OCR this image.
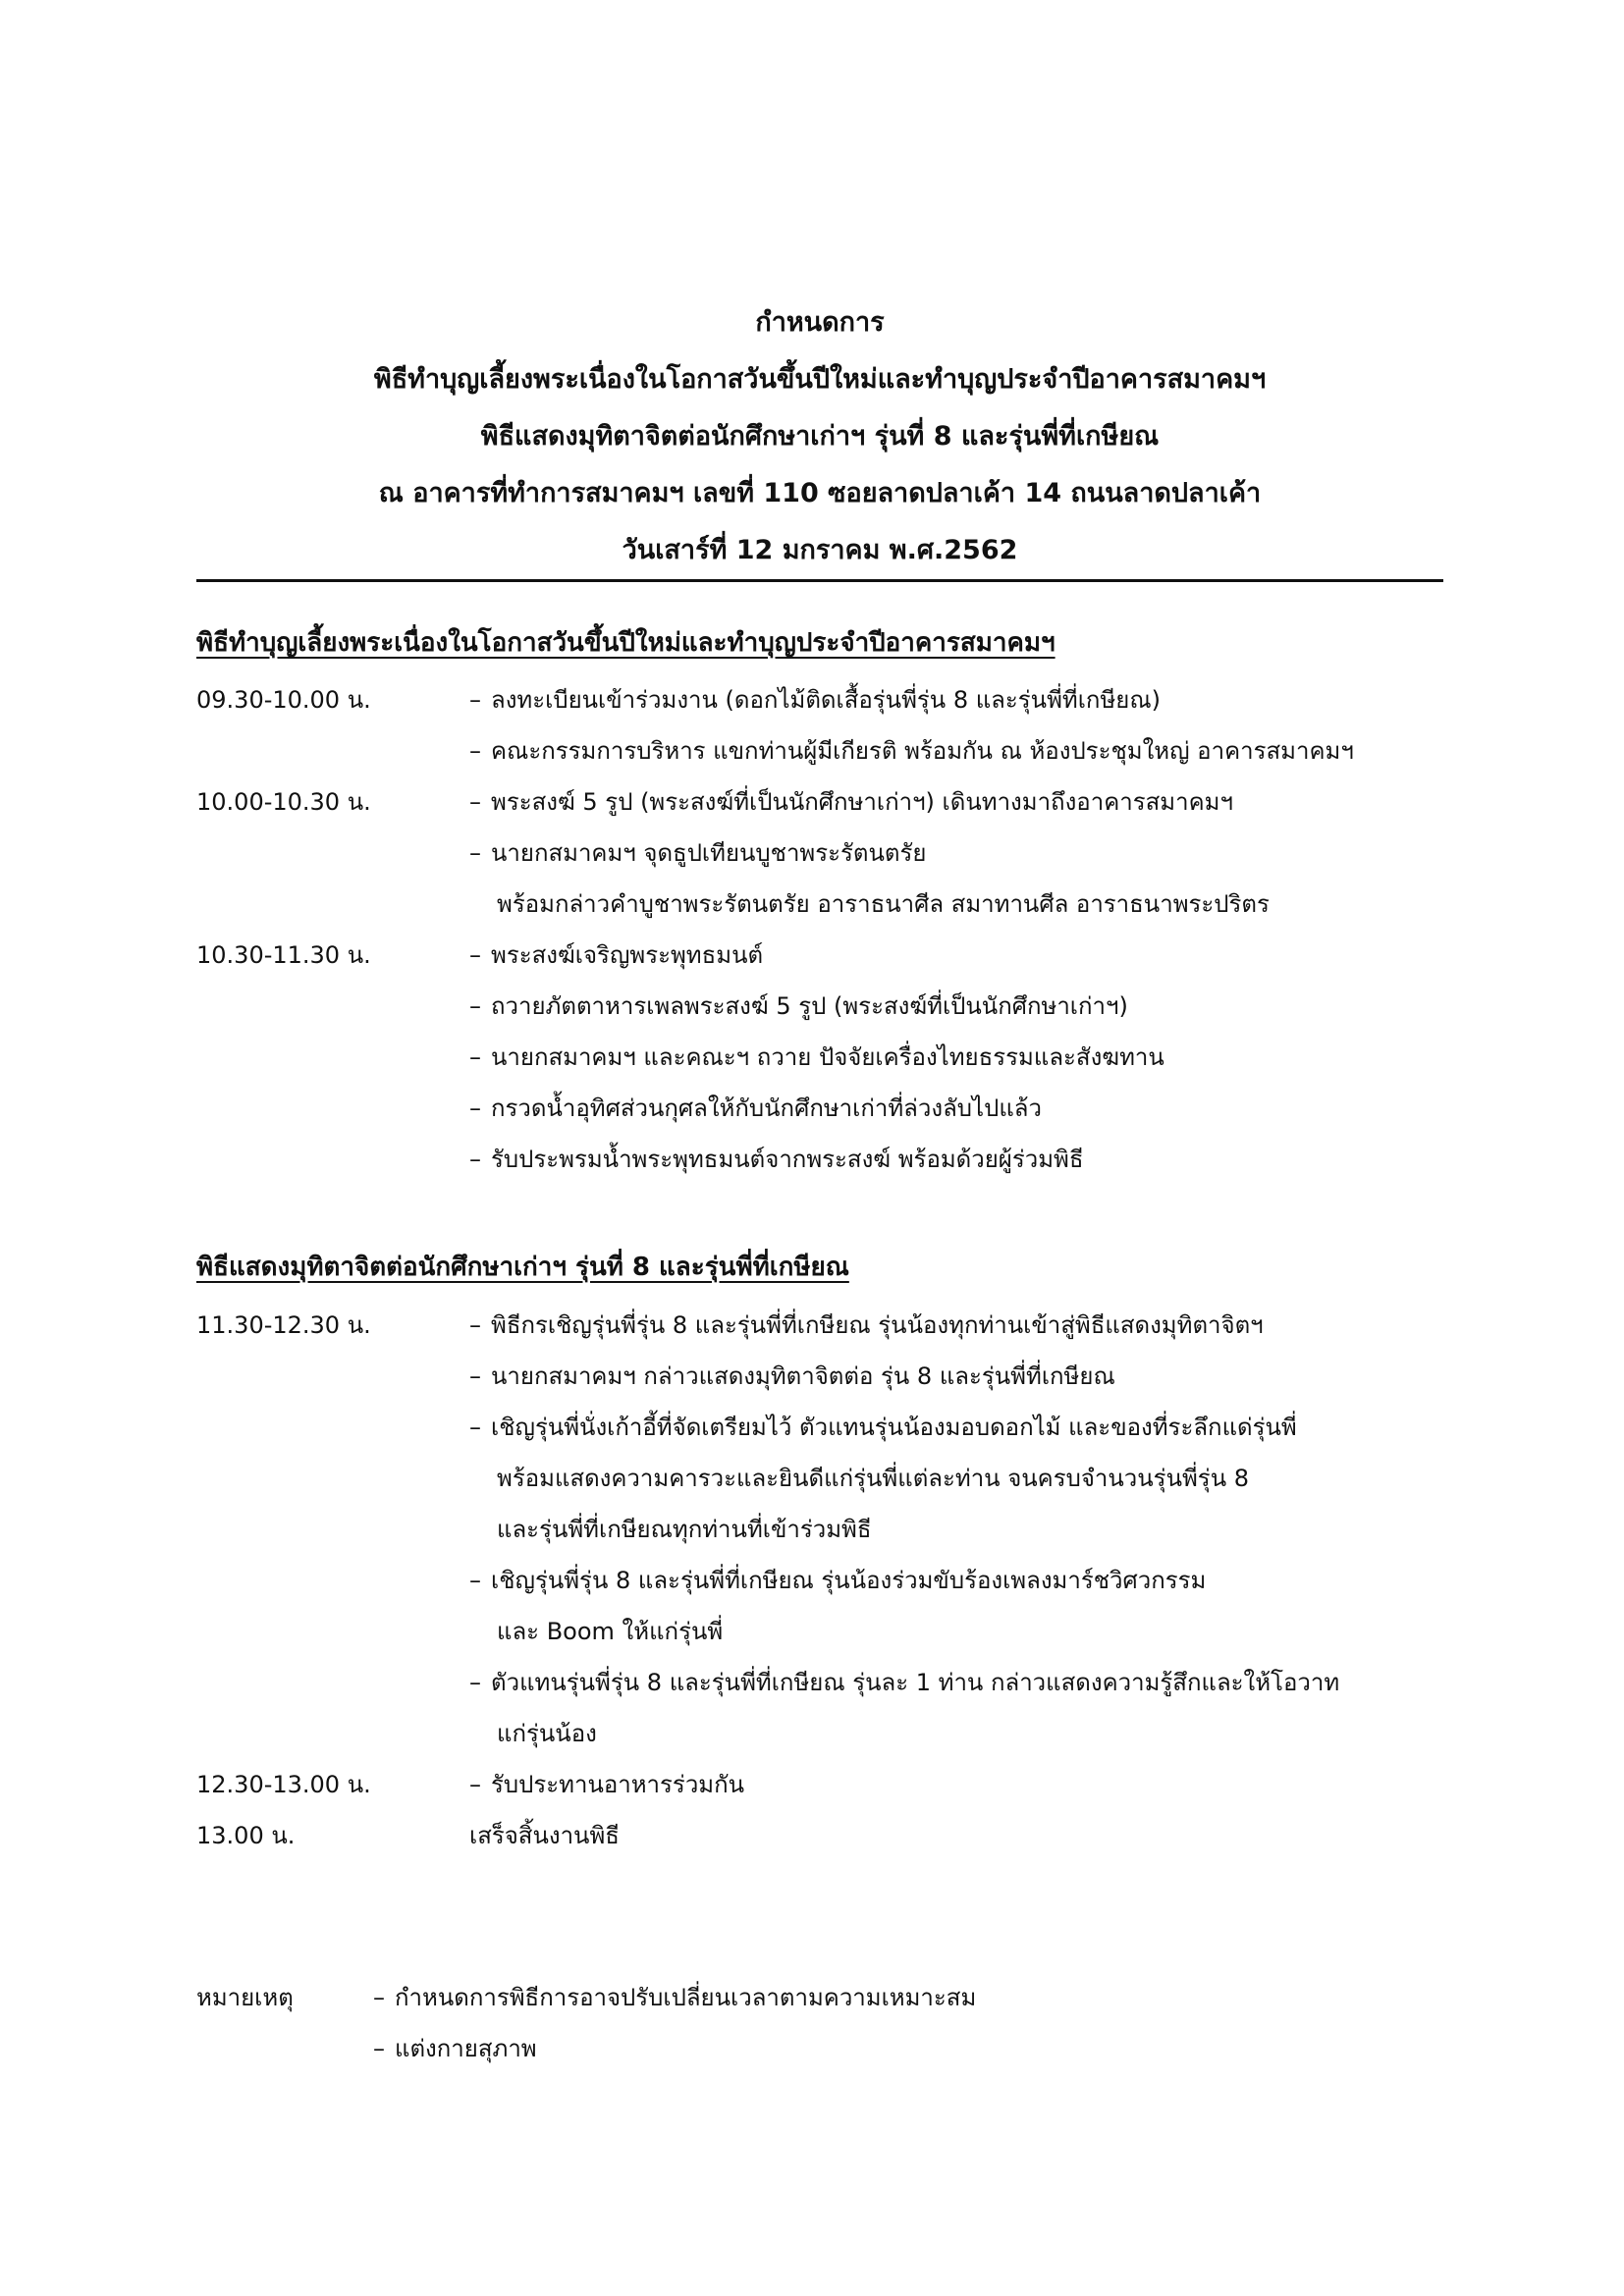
กำหนดการ
พิธีทำบุญเลี้ยงพระเนื่องในโอกาสวันขึ้นปีใหม่และทำบุญประจำปีอาคารสมาคมฯ
พิธีแสดงมุทิตาจิตต่อนักศึกษาเก่าฯ รุ่นที่ 8 และรุ่นพี่ที่เกษียณ
ณ อาคารที่ทำการสมาคมฯ เลขที่ 110 ซอยลาดปลาเค้า 14 ถนนลาดปลาเค้า
วันเสาร์ที่ 12 มกราคม พ.ศ.2562
พิธีทำบุญเลี้ยงพระเนื่องในโอกาสวันขึ้นปีใหม่และทำบุญประจำปีอาคารสมาคมฯ
09.30-10.00 น.	– ลงทะเบียนเข้าร่วมงาน (ดอกไม้ติดเสื้อรุ่นพี่รุ่น 8 และรุ่นพี่ที่เกษียณ)
– คณะกรรมการบริหาร แขกท่านผู้มีเกียรติ พร้อมกัน ณ ห้องประชุมใหญ่ อาคารสมาคมฯ
10.00-10.30 น.	– พระสงฆ์ 5 รูป (พระสงฆ์ที่เป็นนักศึกษาเก่าฯ) เดินทางมาถึงอาคารสมาคมฯ
– นายกสมาคมฯ จุดธูปเทียนบูชาพระรัตนตรัย
พร้อมกล่าวคำบูชาพระรัตนตรัย อาราธนาศีล สมาทานศีล อาราธนาพระปริตร
10.30-11.30 น.	– พระสงฆ์เจริญพระพุทธมนต์
– ถวายภัตตาหารเพลพระสงฆ์ 5 รูป (พระสงฆ์ที่เป็นนักศึกษาเก่าฯ)
– นายกสมาคมฯ และคณะฯ ถวาย ปัจจัยเครื่องไทยธรรมและสังฆทาน
– กรวดน้ำอุทิศส่วนกุศลให้กับนักศึกษาเก่าที่ล่วงลับไปแล้ว
– รับประพรมน้ำพระพุทธมนต์จากพระสงฆ์ พร้อมด้วยผู้ร่วมพิธี
พิธีแสดงมุทิตาจิตต่อนักศึกษาเก่าฯ รุ่นที่ 8 และรุ่นพี่ที่เกษียณ
11.30-12.30 น.	– พิธีกรเชิญรุ่นพี่รุ่น 8 และรุ่นพี่ที่เกษียณ รุ่นน้องทุกท่านเข้าสู่พิธีแสดงมุทิตาจิตฯ
– นายกสมาคมฯ กล่าวแสดงมุทิตาจิตต่อ รุ่น 8 และรุ่นพี่ที่เกษียณ
– เชิญรุ่นพี่นั่งเก้าอี้ที่จัดเตรียมไว้ ตัวแทนรุ่นน้องมอบดอกไม้ และของที่ระลึกแด่รุ่นพี่
พร้อมแสดงความคารวะและยินดีแก่รุ่นพี่แต่ละท่าน จนครบจำนวนรุ่นพี่รุ่น 8
และรุ่นพี่ที่เกษียณทุกท่านที่เข้าร่วมพิธี
– เชิญรุ่นพี่รุ่น 8 และรุ่นพี่ที่เกษียณ รุ่นน้องร่วมขับร้องเพลงมาร์ชวิศวกรรม
และ Boom ให้แก่รุ่นพี่
– ตัวแทนรุ่นพี่รุ่น 8 และรุ่นพี่ที่เกษียณ รุ่นละ 1 ท่าน กล่าวแสดงความรู้สึกและให้โอวาท
แก่รุ่นน้อง
12.30-13.00 น.	– รับประทานอาหารร่วมกัน
13.00 น.	เสร็จสิ้นงานพิธี
หมายเหตุ	– กำหนดการพิธีการอาจปรับเปลี่ยนเวลาตามความเหมาะสม
– แต่งกายสุภาพ
